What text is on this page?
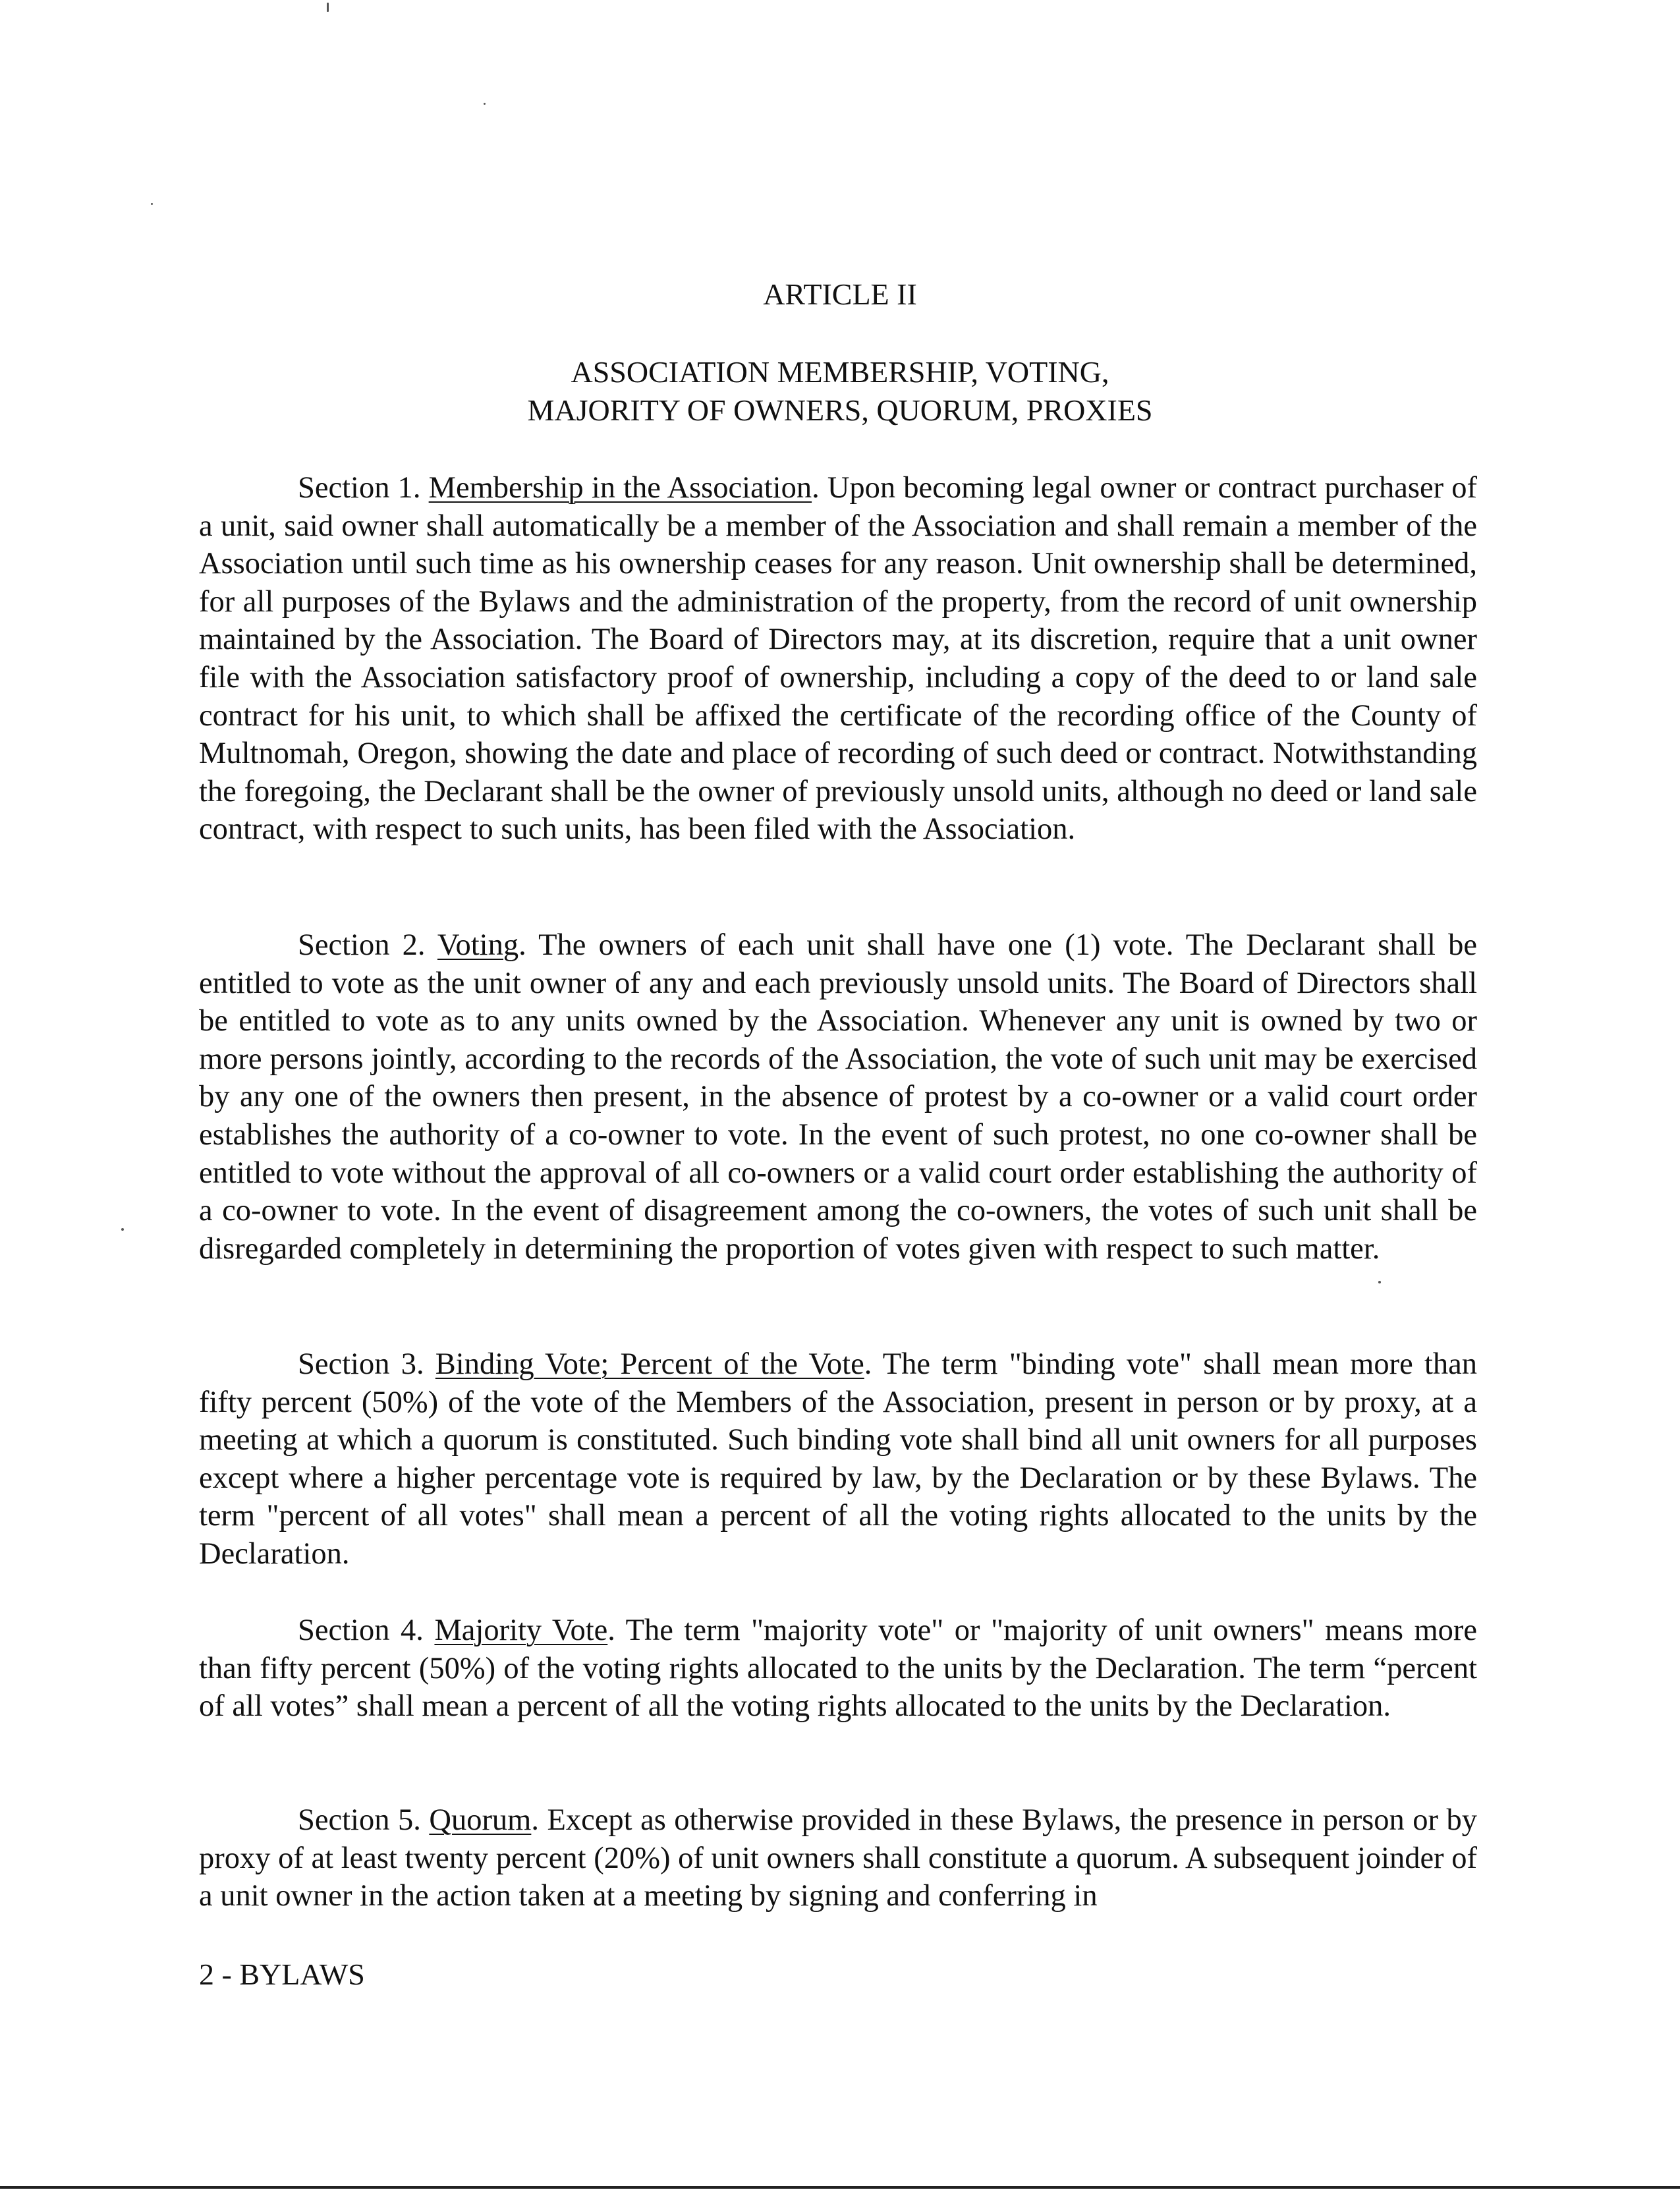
ARTICLE II
ASSOCIATION MEMBERSHIP, VOTING,
MAJORITY OF OWNERS, QUORUM, PROXIES

Section 1. Membership in the Association. Upon becoming legal owner or contract purchaser of a unit, said owner shall automatically be a member of the Association and shall remain a member of the Association until such time as his ownership ceases for any reason. Unit ownership shall be determined, for all purposes of the Bylaws and the administration of the property, from the record of unit ownership maintained by the Association. The Board of Directors may, at its discretion, require that a unit owner file with the Association satisfactory proof of ownership, including a copy of the deed to or land sale contract for his unit, to which shall be affixed the certificate of the recording office of the County of Multnomah, Oregon, showing the date and place of recording of such deed or contract. Notwithstanding the foregoing, the Declarant shall be the owner of previously unsold units, although no deed or land sale contract, with respect to such units, has been filed with the Association.

Section 2. Voting. The owners of each unit shall have one (1) vote. The Declarant shall be entitled to vote as the unit owner of any and each previously unsold units. The Board of Directors shall be entitled to vote as to any units owned by the Association. Whenever any unit is owned by two or more persons jointly, according to the records of the Association, the vote of such unit may be exercised by any one of the owners then present, in the absence of protest by a co-owner or a valid court order establishes the authority of a co-owner to vote. In the event of such protest, no one co-owner shall be entitled to vote without the approval of all co-owners or a valid court order establishing the authority of a co-owner to vote. In the event of disagreement among the co-owners, the votes of such unit shall be disregarded completely in determining the proportion of votes given with respect to such matter.

Section 3. Binding Vote; Percent of the Vote. The term "binding vote" shall mean more than fifty percent (50%) of the vote of the Members of the Association, present in person or by proxy, at a meeting at which a quorum is constituted. Such binding vote shall bind all unit owners for all purposes except where a higher percentage vote is required by law, by the Declaration or by these Bylaws. The term "percent of all votes" shall mean a percent of all the voting rights allocated to the units by the Declaration.

Section 4. Majority Vote. The term "majority vote" or "majority of unit owners" means more than fifty percent (50%) of the voting rights allocated to the units by the Declaration. The term “percent of all votes” shall mean a percent of all the voting rights allocated to the units by the Declaration.

Section 5. Quorum. Except as otherwise provided in these Bylaws, the presence in person or by proxy of at least twenty percent (20%) of unit owners shall constitute a quorum. A subsequent joinder of a unit owner in the action taken at a meeting by signing and conferring in

2 - BYLAWS
